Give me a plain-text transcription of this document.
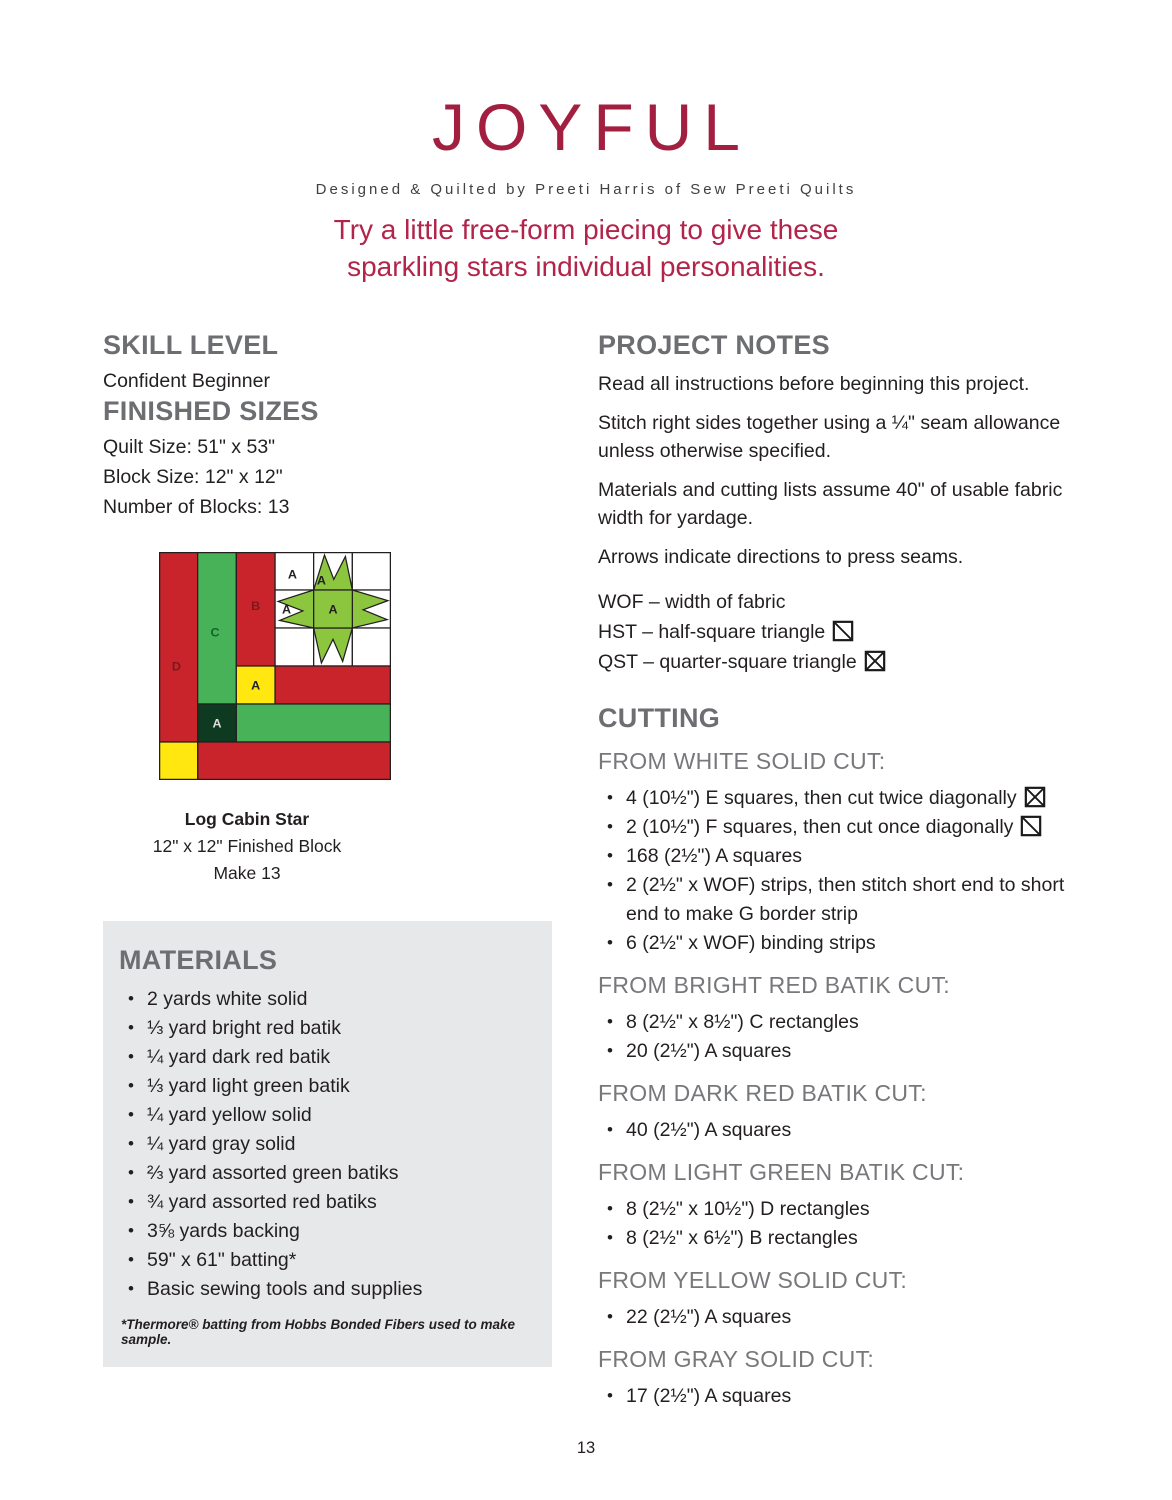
JOYFUL
Designed & Quilted by Preeti Harris of Sew Preeti Quilts
Try a little free-form piecing to give these
sparkling stars individual personalities.
SKILL LEVEL
Confident Beginner
FINISHED SIZES
Quilt Size: 51" x 53"
Block Size: 12" x 12"
Number of Blocks: 13
D
C
B
A A
A	A
A
A
Log Cabin Star
12" x 12" Finished Block
Make 13
MATERIALS
• 2 yards white solid
• ⅓ yard bright red batik
• ¼ yard dark red batik
• ⅓ yard light green batik
• ¼ yard yellow solid
• ¼ yard gray solid
• ⅔ yard assorted green batiks
• ¾ yard assorted red batiks
• 3⅝ yards backing
• 59" x 61" batting*
• Basic sewing tools and supplies
*Thermore® batting from Hobbs Bonded Fibers used to make sample.
PROJECT NOTES

Read all instructions before beginning this project.

Stitch right sides together using a ¼" seam allowance unless otherwise specified.

Materials and cutting lists assume 40" of usable fabric width for yardage.

Arrows indicate directions to press seams.

WOF – width of fabric
HST – half-square triangle
QST – quarter-square triangle
CUTTING
FROM WHITE SOLID CUT:
• 4 (10½") E squares, then cut twice diagonally
• 2 (10½") F squares, then cut once diagonally
• 168 (2½") A squares
• 2 (2½" x WOF) strips, then stitch short end to short end to make G border strip
• 6 (2½" x WOF) binding strips
FROM BRIGHT RED BATIK CUT:
• 8 (2½" x 8½") C rectangles
• 20 (2½") A squares
FROM DARK RED BATIK CUT:
• 40 (2½") A squares
FROM LIGHT GREEN BATIK CUT:
• 8 (2½" x 10½") D rectangles
• 8 (2½" x 6½") B rectangles
FROM YELLOW SOLID CUT:
• 22 (2½") A squares
FROM GRAY SOLID CUT:
• 17 (2½") A squares
13
